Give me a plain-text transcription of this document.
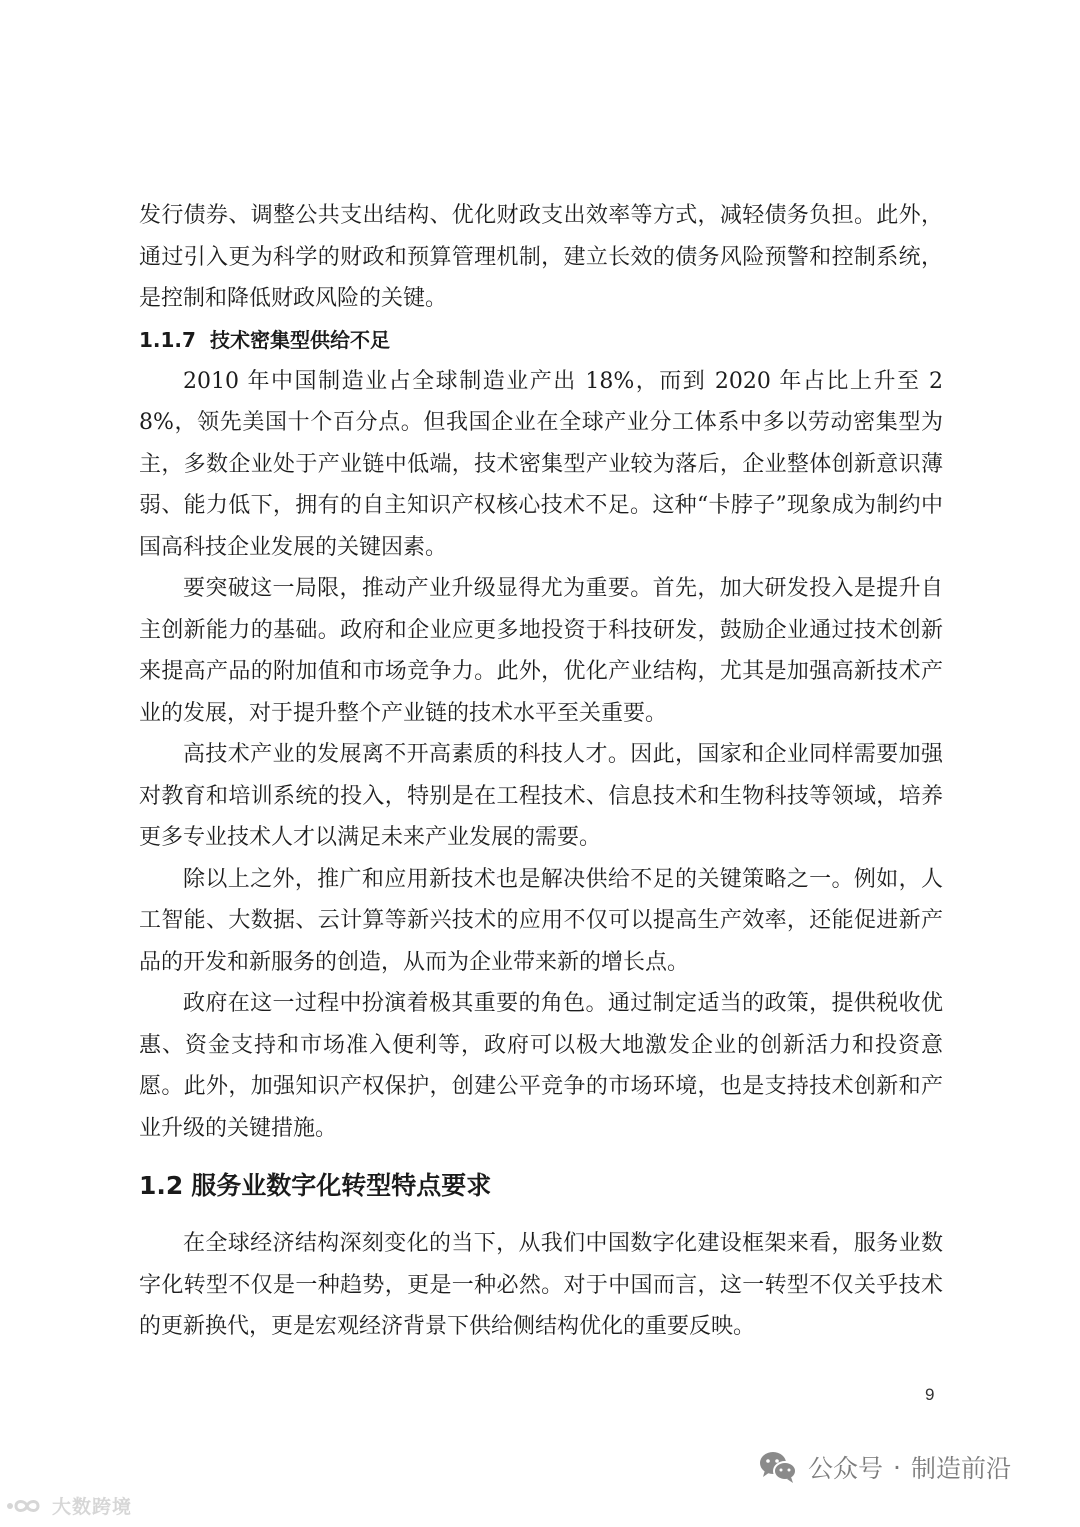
发行债券、调整公共支出结构、优化财政支出效率等方式，减轻债务负担。此外，通过引入更为科学的财政和预算管理机制，建立长效的债务风险预警和控制系统，是控制和降低财政风险的关键。

1.1.7 技术密集型供给不足

2010 年中国制造业占全球制造业产出 18%，而到 2020 年占比上升至 28%，领先美国十个百分点。但我国企业在全球产业分工体系中多以劳动密集型为主，多数企业处于产业链中低端，技术密集型产业较为落后，企业整体创新意识薄弱、能力低下，拥有的自主知识产权核心技术不足。这种“卡脖子”现象成为制约中国高科技企业发展的关键因素。

要突破这一局限，推动产业升级显得尤为重要。首先，加大研发投入是提升自主创新能力的基础。政府和企业应更多地投资于科技研发，鼓励企业通过技术创新来提高产品的附加值和市场竞争力。此外，优化产业结构，尤其是加强高新技术产业的发展，对于提升整个产业链的技术水平至关重要。

高技术产业的发展离不开高素质的科技人才。因此，国家和企业同样需要加强对教育和培训系统的投入，特别是在工程技术、信息技术和生物科技等领域，培养更多专业技术人才以满足未来产业发展的需要。

除以上之外，推广和应用新技术也是解决供给不足的关键策略之一。例如，人工智能、大数据、云计算等新兴技术的应用不仅可以提高生产效率，还能促进新产品的开发和新服务的创造，从而为企业带来新的增长点。

政府在这一过程中扮演着极其重要的角色。通过制定适当的政策，提供税收优惠、资金支持和市场准入便利等，政府可以极大地激发企业的创新活力和投资意愿。此外，加强知识产权保护，创建公平竞争的市场环境，也是支持技术创新和产业升级的关键措施。

1.2 服务业数字化转型特点要求

在全球经济结构深刻变化的当下，从我们中国数字化建设框架来看，服务业数字化转型不仅是一种趋势，更是一种必然。对于中国而言，这一转型不仅关乎技术的更新换代，更是宏观经济背景下供给侧结构优化的重要反映。

9
大数跨境
公众号 · 制造前沿
